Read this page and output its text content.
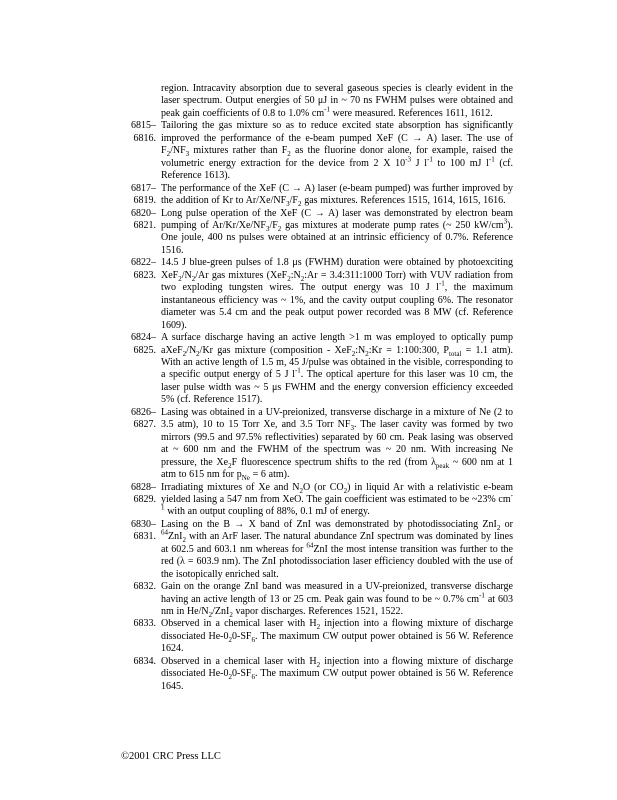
region. Intracavity absorption due to several gaseous species is clearly evident in the laser spectrum. Output energies of 50 μJ in ~ 70 ns FWHM pulses were obtained and peak gain coefficients of 0.8 to 1.0% $cm^{-1}$ were measured. References 1611, 1612.
6815–
6816.
Tailoring the gas mixture so as to reduce excited state absorption has significantly improved the performance of the e-beam pumped XeF (C → A) laser. The use of $F_2/NF_3$ mixtures rather than $F_2$ as the fluorine donor alone, for example, raised the volumetric energy extraction for the device from 2 X $10^{-3}$ J $l^{-1}$ to 100 mJ $l^{-1}$ (cf. Reference 1613).
6817–
6819.
The performance of the XeF (C → A) laser (e-beam pumped) was further improved by the addition of Kr to $Ar/Xe/NF_3/F_2$ gas mixtures. References 1515, 1614, 1615, 1616.
6820–
6821.
Long pulse operation of the XeF (C → A) laser was demonstrated by electron beam pumping of $Ar/Kr/Xe/NF_3/F_2$ gas mixtures at moderate pump rates (~ 250 $kW/cm^3$). One joule, 400 ns pulses were obtained at an intrinsic efficiency of 0.7%. Reference 1516.
6822–
6823.
14.5 J blue-green pulses of 1.8 μs (FWHM) duration were obtained by photoexciting $XeF_2/N_2/Ar$ gas mixtures ($XeF_2:N_2:Ar$ = 3.4:311:1000 Torr) with VUV radiation from two exploding tungsten wires. The output energy was 10 J $l^{-1}$, the maximum instantaneous efficiency was ~ 1%, and the cavity output coupling 6%. The resonator diameter was 5.4 cm and the peak output power recorded was 8 MW (cf. Reference 1609).
6824–
6825.
A surface discharge having an active length >1 m was employed to optically pump $aXeF_2/N_2/Kr$ gas mixture (composition - $XeF_2:N_2:Kr$ = 1:100:300, $P_{total} = 1.1$ atm). With an active length of 1.5 m, 45 J/pulse was obtained in the visible, corresponding to a specific output energy of 5 J $l^{-1}$. The optical aperture for this laser was 10 cm, the laser pulse width was ~ 5 μs FWHM and the energy conversion efficiency exceeded 5% (cf. Reference 1517).
6826–
6827.
Lasing was obtained in a UV-preionized, transverse discharge in a mixture of Ne (2 to 3.5 atm), 10 to 15 Torr Xe, and 3.5 Torr $NF_3$. The laser cavity was formed by two mirrors (99.5 and 97.5% reflectivities) separated by 60 cm. Peak lasing was observed at ~ 600 nm and the FWHM of the spectrum was ~ 20 nm. With increasing Ne pressure, the $Xe_2F$ fluorescence spectrum shifts to the red (from $\lambda_{peak}$ ~ 600 nm at 1 atm to 615 nm for $p_{Ne} = 6$ atm).
6828–
6829.
Irradiating mixtures of Xe and $N_2O$ (or $CO_2$) in liquid Ar with a relativistic e-beam yielded lasing a 547 nm from XeO. The gain coefficient was estimated to be ~23% $cm^{-1}$ with an output coupling of 88%, 0.1 mJ of energy.
6830–
6831.
Lasing on the B → X band of ZnI was demonstrated by photodissociating ZnI$_2$ or $^{64}$ZnI$_2$ with an ArF laser. The natural abundance ZnI spectrum was dominated by lines at 602.5 and 603.1 nm whereas for $^{64}$ZnI the most intense transition was further to the red (λ = 603.9 nm). The ZnI photodissociation laser efficiency doubled with the use of the isotopically enriched salt.
6832. Gain on the orange ZnI band was measured in a UV-preionized, transverse discharge having an active length of 13 or 25 cm. Peak gain was found to be ~ 0.7% $cm^{-1}$ at 603 nm in $He/N_2/ZnI_2$ vapor discharges. References 1521, 1522.
6833. Observed in a chemical laser with $H_2$ injection into a flowing mixture of discharge dissociated $He-0_20-SF_6$. The maximum CW output power obtained is 56 W. Reference 1624.
6834. Observed in a chemical laser with $H_2$ injection into a flowing mixture of discharge dissociated $He-0_20-SF_6$. The maximum CW output power obtained is 56 W. Reference 1645.
©2001 CRC Press LLC
